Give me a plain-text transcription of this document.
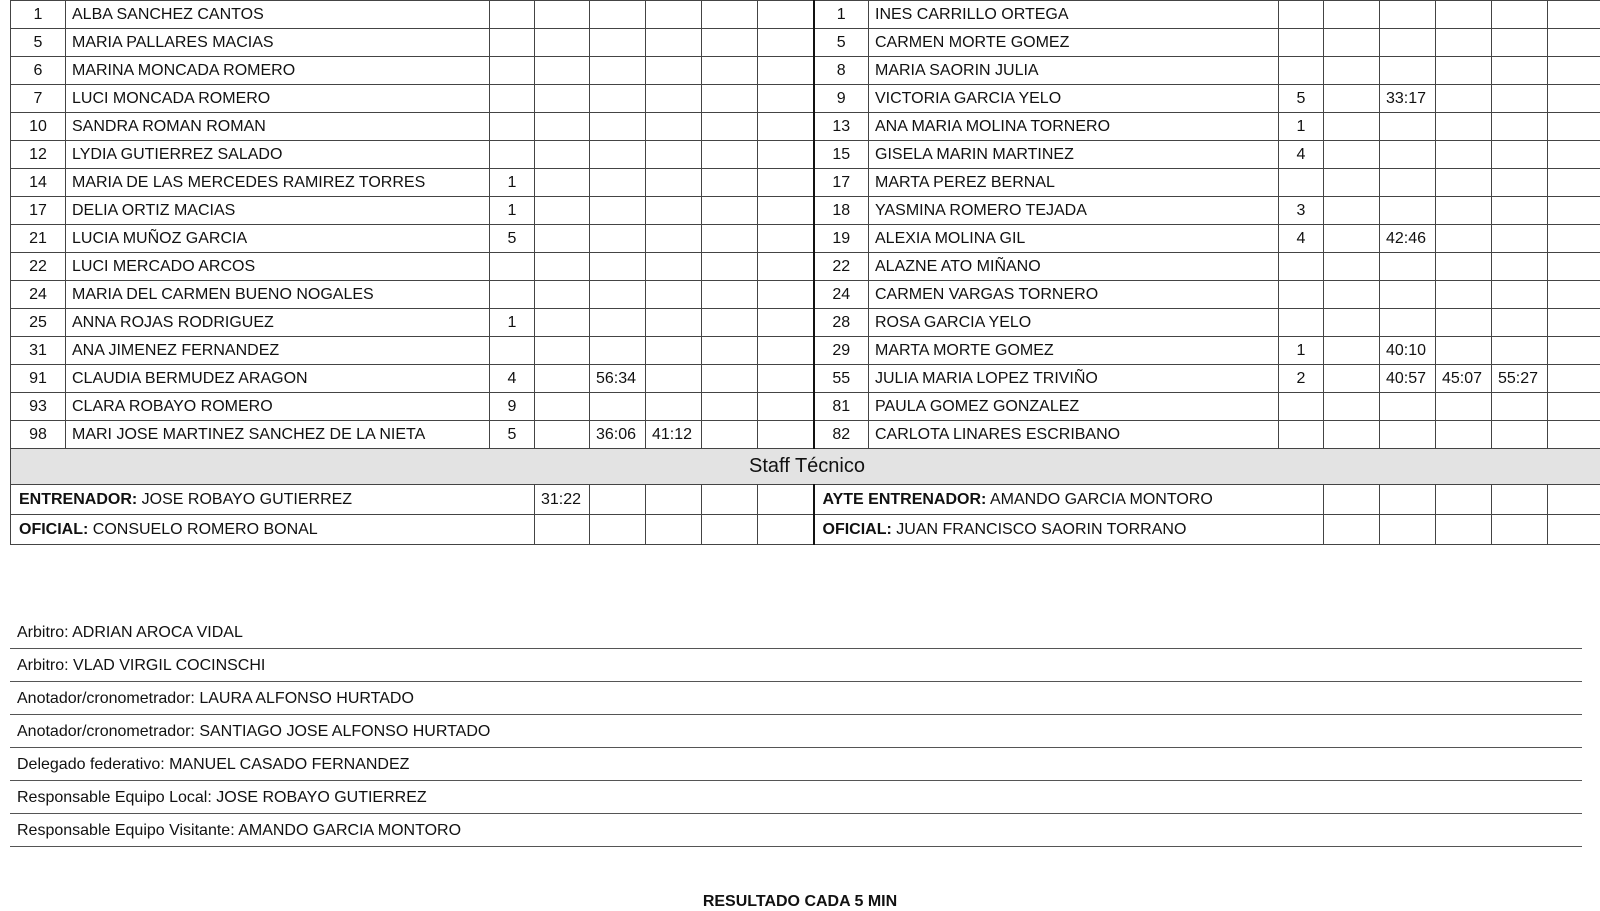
1	ALBA SANCHEZ CANTOS							1	INES CARRILLO ORTEGA						
5	MARIA PALLARES MACIAS							5	CARMEN MORTE GOMEZ						
6	MARINA MONCADA ROMERO							8	MARIA SAORIN JULIA						
7	LUCI MONCADA ROMERO							9	VICTORIA GARCIA YELO	5		33:17			
10	SANDRA ROMAN ROMAN							13	ANA MARIA MOLINA TORNERO	1					
12	LYDIA GUTIERREZ SALADO							15	GISELA MARIN MARTINEZ	4					
14	MARIA DE LAS MERCEDES RAMIREZ TORRES	1						17	MARTA PEREZ BERNAL						
17	DELIA ORTIZ MACIAS	1						18	YASMINA ROMERO TEJADA	3					
21	LUCIA MUÑOZ GARCIA	5						19	ALEXIA MOLINA GIL	4		42:46			
22	LUCI MERCADO ARCOS							22	ALAZNE ATO MIÑANO						
24	MARIA DEL CARMEN BUENO NOGALES							24	CARMEN VARGAS TORNERO						
25	ANNA ROJAS RODRIGUEZ	1						28	ROSA GARCIA YELO						
31	ANA JIMENEZ FERNANDEZ							29	MARTA MORTE GOMEZ	1		40:10			
91	CLAUDIA BERMUDEZ ARAGON	4		56:34				55	JULIA MARIA LOPEZ TRIVIÑO	2		40:57	45:07	55:27	
93	CLARA ROBAYO ROMERO	9						81	PAULA GOMEZ GONZALEZ						
98	MARI JOSE MARTINEZ SANCHEZ DE LA NIETA	5		36:06	41:12			82	CARLOTA LINARES ESCRIBANO						
Staff Técnico															
ENTRENADOR: JOSE ROBAYO GUTIERREZ			31:22					AYTE ENTRENADOR: AMANDO GARCIA MONTORO							
OFICIAL: CONSUELO ROMERO BONAL								OFICIAL: JUAN FRANCISCO SAORIN TORRANO							
Arbitro: ADRIAN AROCA VIDAL
Arbitro: VLAD VIRGIL COCINSCHI
Anotador/cronometrador: LAURA ALFONSO HURTADO
Anotador/cronometrador: SANTIAGO JOSE ALFONSO HURTADO
Delegado federativo: MANUEL CASADO FERNANDEZ
Responsable Equipo Local: JOSE ROBAYO GUTIERREZ
Responsable Equipo Visitante: AMANDO GARCIA MONTORO
RESULTADO CADA 5 MIN
